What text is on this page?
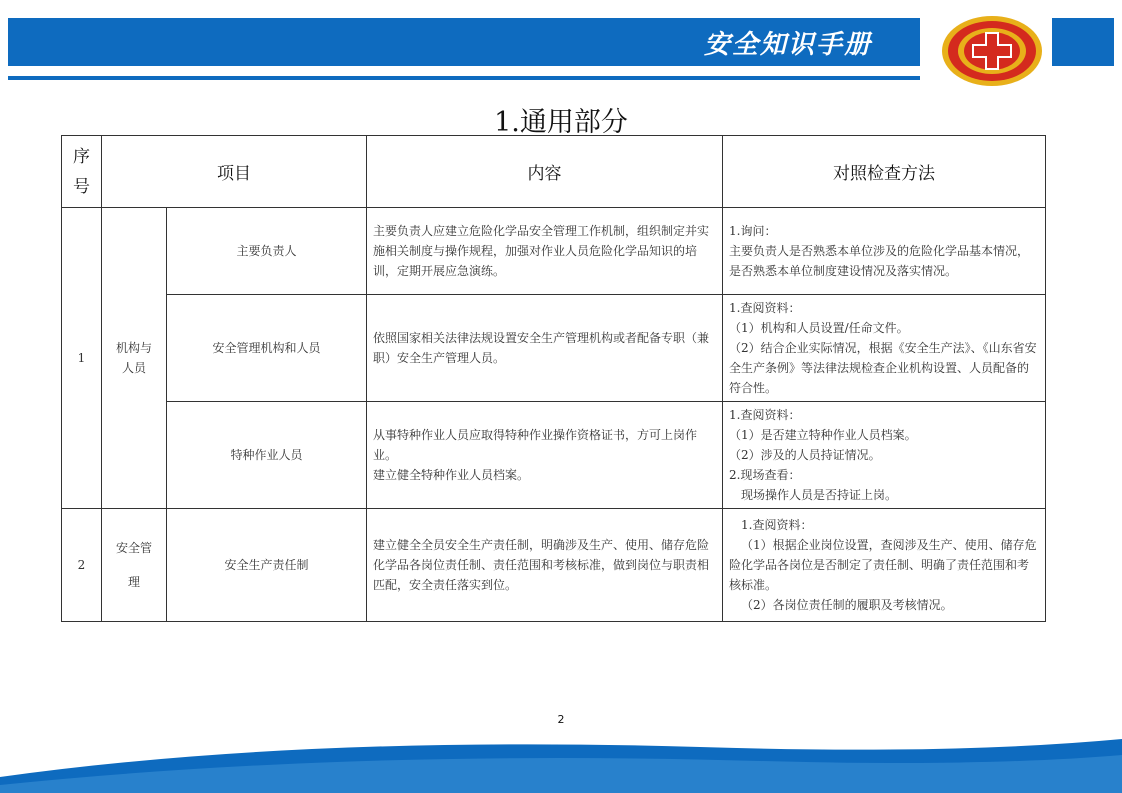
安全知识手册
1.通用部分
序号	项目		内容	对照检查方法
1	机构与人员	主要负责人	主要负责人应建立危险化学品安全管理工作机制，组织制定并实施相关制度与操作规程，加强对作业人员危险化学品知识的培训，定期开展应急演练。	1.询问：
主要负责人是否熟悉本单位涉及的危险化学品基本情况，是否熟悉本单位制度建设情况及落实情况。

		安全管理机构和人员	依照国家相关法律法规设置安全生产管理机构或者配备专职（兼职）安全生产管理人员。	1.查阅资料：
（1）机构和人员设置/任命文件。
（2）结合企业实际情况，根据《安全生产法》、《山东省安全生产条例》等法律法规检查企业机构设置、人员配备的符合性。

		特种作业人员	从事特种作业人员应取得特种作业操作资格证书，方可上岗作业。
建立健全特种作业人员档案。	1.查阅资料：
（1）是否建立特种作业人员档案。
（2）涉及的人员持证情况。
2.现场查看：
现场操作人员是否持证上岗。

2	安全管理	安全生产责任制	建立健全全员安全生产责任制，明确涉及生产、使用、储存危险化学品各岗位责任制、责任范围和考核标准，做到岗位与职责相匹配，安全责任落实到位。	1.查阅资料：
（1）根据企业岗位设置，查阅涉及生产、使用、储存危险化学品各岗位是否制定了责任制、明确了责任范围和考核标准。
（2）各岗位责任制的履职及考核情况。
2
